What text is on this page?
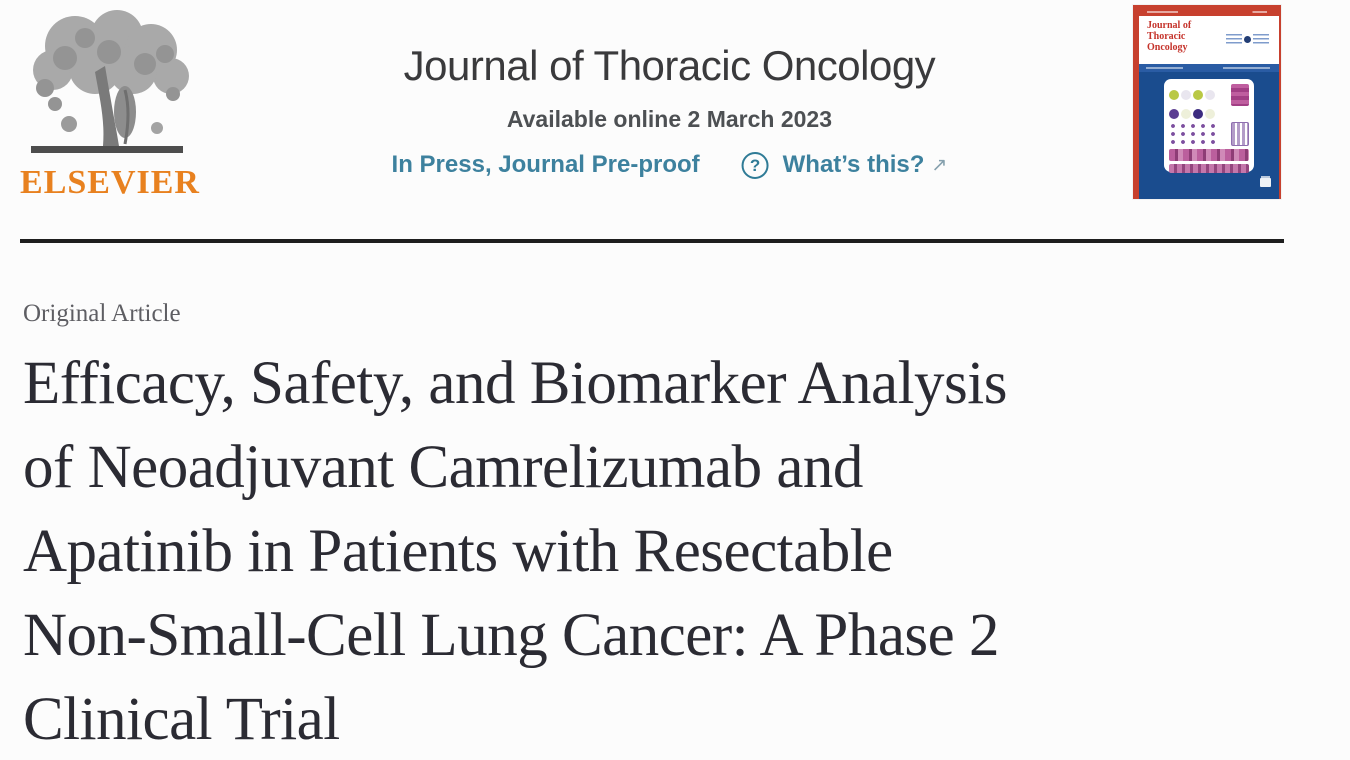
ELSEVIER
Journal of Thoracic Oncology
Available online 2 March 2023
In Press, Journal Pre-proof	? What’s this? ↗
Journal of
Thoracic
Oncology
Original Article
Efficacy, Safety, and Biomarker Analysis
of Neoadjuvant Camrelizumab and
Apatinib in Patients with Resectable
Non-Small-Cell Lung Cancer: A Phase 2
Clinical Trial
